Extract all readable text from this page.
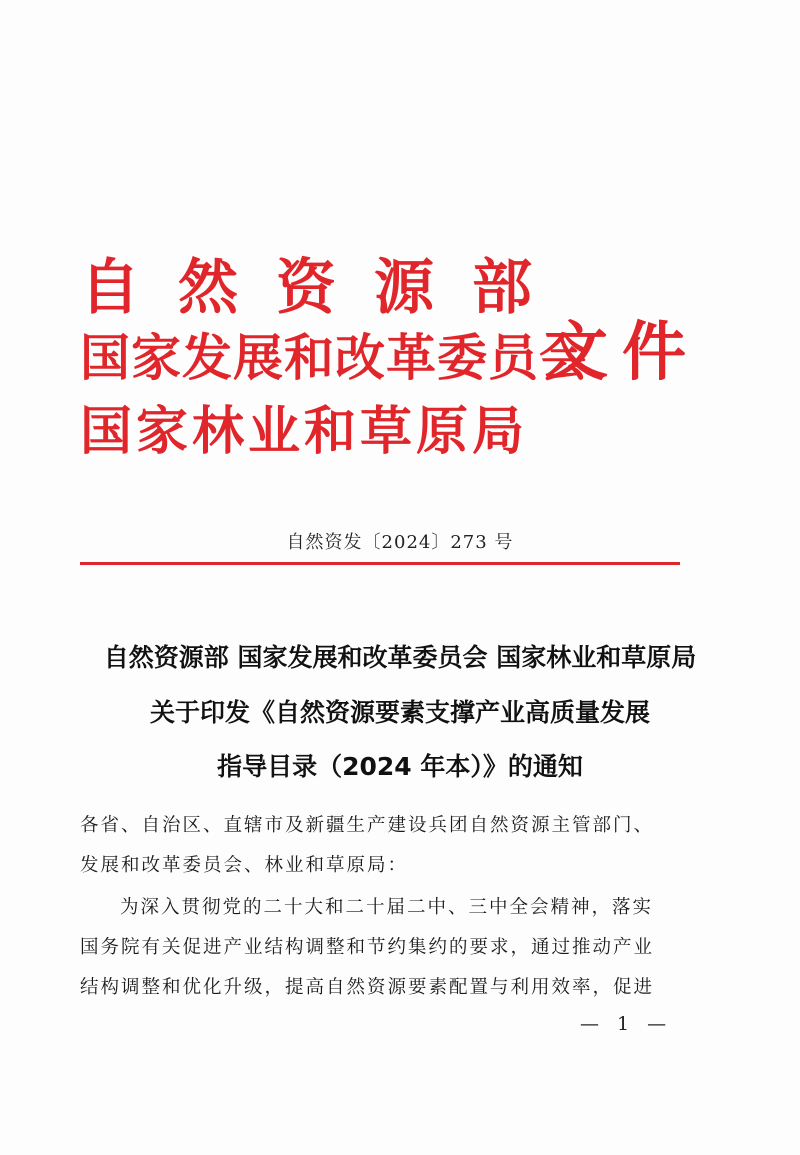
自然资源部
国家发展和改革委员会
文件
国家林业和草原局
自然资发〔2024〕273 号
自然资源部 国家发展和改革委员会 国家林业和草原局
关于印发《自然资源要素支撑产业高质量发展
指导目录（2024 年本）》的通知
各省、自治区、直辖市及新疆生产建设兵团自然资源主管部门、
发展和改革委员会、林业和草原局：
为深入贯彻党的二十大和二十届二中、三中全会精神，落实
国务院有关促进产业结构调整和节约集约的要求，通过推动产业
结构调整和优化升级，提高自然资源要素配置与利用效率，促进
— 1 —
